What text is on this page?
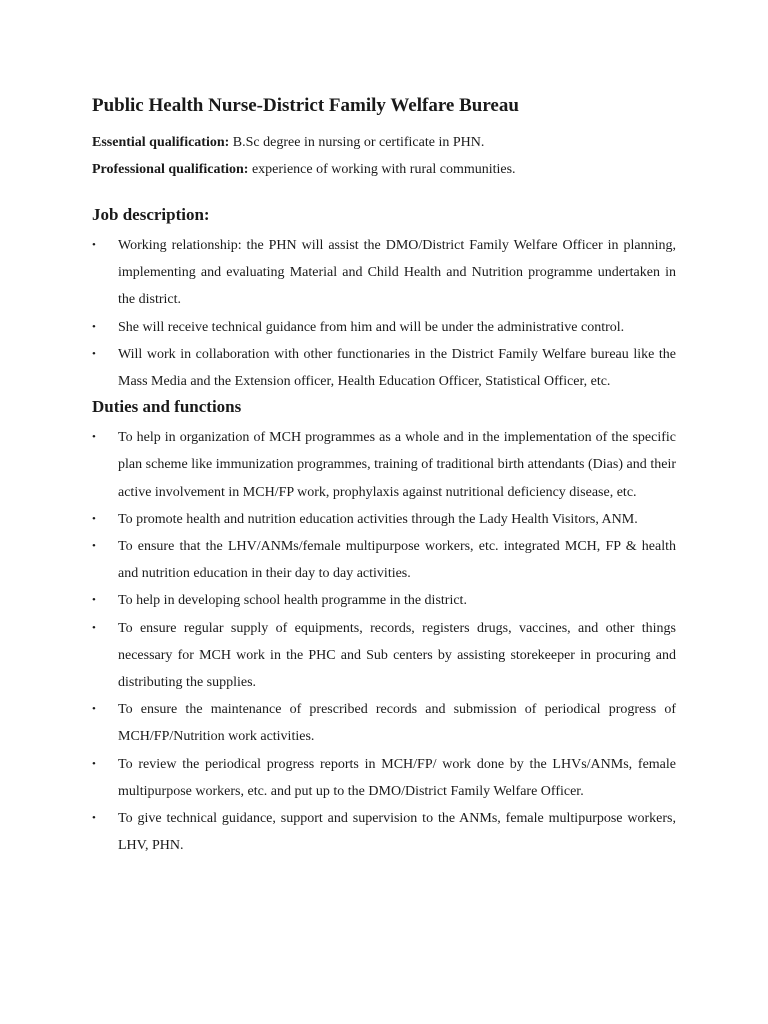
Public Health Nurse-District Family Welfare Bureau

Essential qualification: B.Sc degree in nursing or certificate in PHN.

Professional qualification: experience of working with rural communities.

Job description:
•	Working relationship: the PHN will assist the DMO/District Family Welfare Officer in planning, implementing and evaluating Material and Child Health and Nutrition programme undertaken in the district.
•	She will receive technical guidance from him and will be under the administrative control.
•	Will work in collaboration with other functionaries in the District Family Welfare bureau like the Mass Media and the Extension officer, Health Education Officer, Statistical Officer, etc.
Duties and functions
•	To help in organization of MCH programmes as a whole and in the implementation of the specific plan scheme like immunization programmes, training of traditional birth attendants (Dias) and their active involvement in MCH/FP work, prophylaxis against nutritional deficiency disease, etc.
•	To promote health and nutrition education activities through the Lady Health Visitors, ANM.
•	To ensure that the LHV/ANMs/female multipurpose workers, etc. integrated MCH, FP & health and nutrition education in their day to day activities.
•	To help in developing school health programme in the district.
•	To ensure regular supply of equipments, records, registers drugs, vaccines, and other things necessary for MCH work in the PHC and Sub centers by assisting storekeeper in procuring and distributing the supplies.
•	To ensure the maintenance of prescribed records and submission of periodical progress of MCH/FP/Nutrition work activities.
•	To review the periodical progress reports in MCH/FP/ work done by the LHVs/ANMs, female multipurpose workers, etc. and put up to the DMO/District Family Welfare Officer.
•	To give technical guidance, support and supervision to the ANMs, female multipurpose workers, LHV, PHN.
